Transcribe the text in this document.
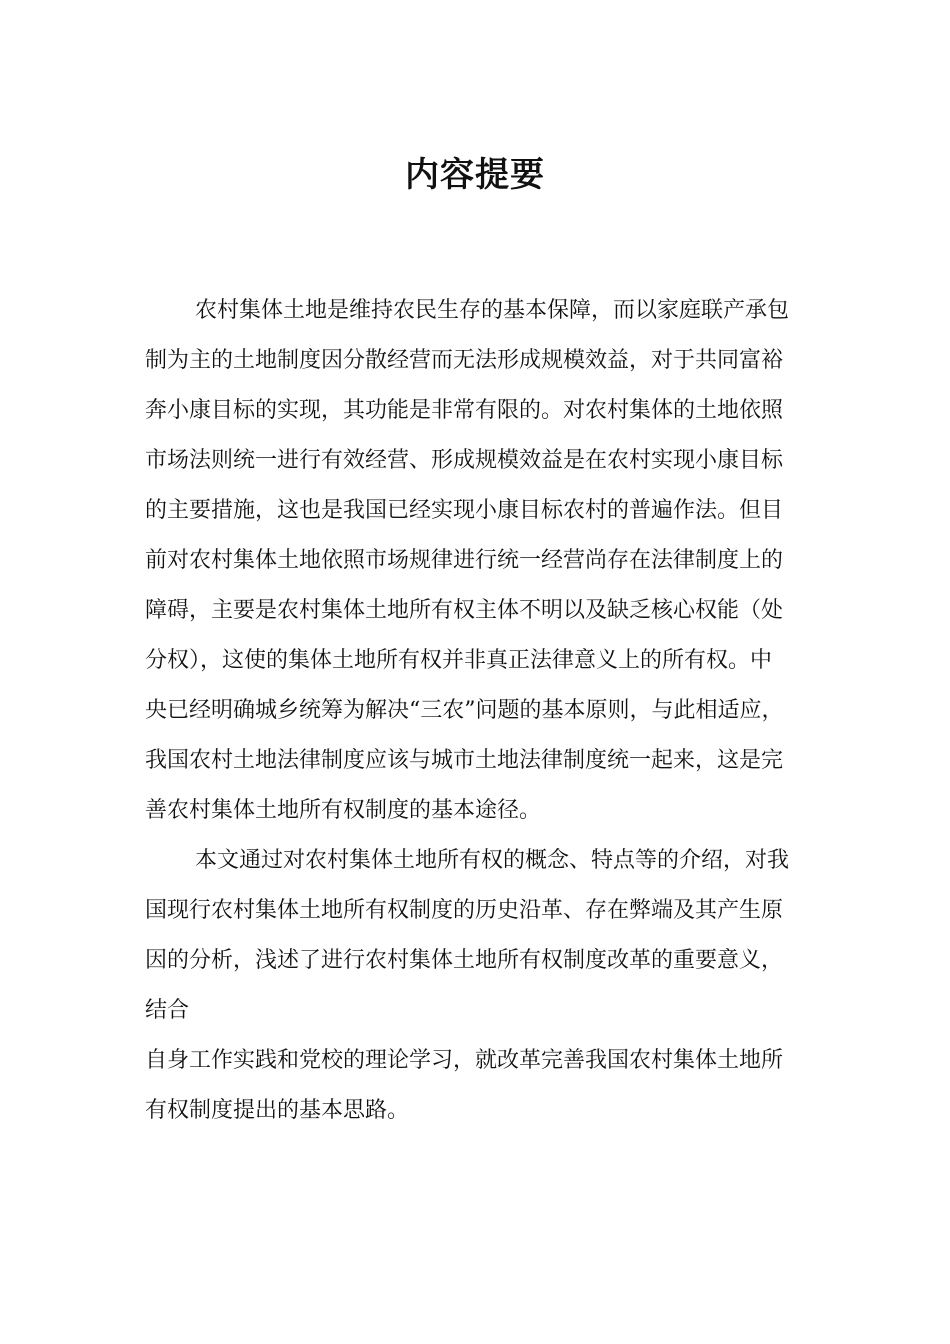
内容提要

农村集体土地是维持农民生存的基本保障，而以家庭联产承包

制为主的土地制度因分散经营而无法形成规模效益，对于共同富裕

奔小康目标的实现，其功能是非常有限的。对农村集体的土地依照

市场法则统一进行有效经营、形成规模效益是在农村实现小康目标

的主要措施，这也是我国已经实现小康目标农村的普遍作法。但目

前对农村集体土地依照市场规律进行统一经营尚存在法律制度上的

障碍，主要是农村集体土地所有权主体不明以及缺乏核心权能（处

分权），这使的集体土地所有权并非真正法律意义上的所有权。中

央已经明确城乡统筹为解决“三农”问题的基本原则，与此相适应，

我国农村土地法律制度应该与城市土地法律制度统一起来，这是完

善农村集体土地所有权制度的基本途径。

本文通过对农村集体土地所有权的概念、特点等的介绍，对我

国现行农村集体土地所有权制度的历史沿革、存在弊端及其产生原

因的分析，浅述了进行农村集体土地所有权制度改革的重要意义，

结合

自身工作实践和党校的理论学习，就改革完善我国农村集体土地所

有权制度提出的基本思路。
